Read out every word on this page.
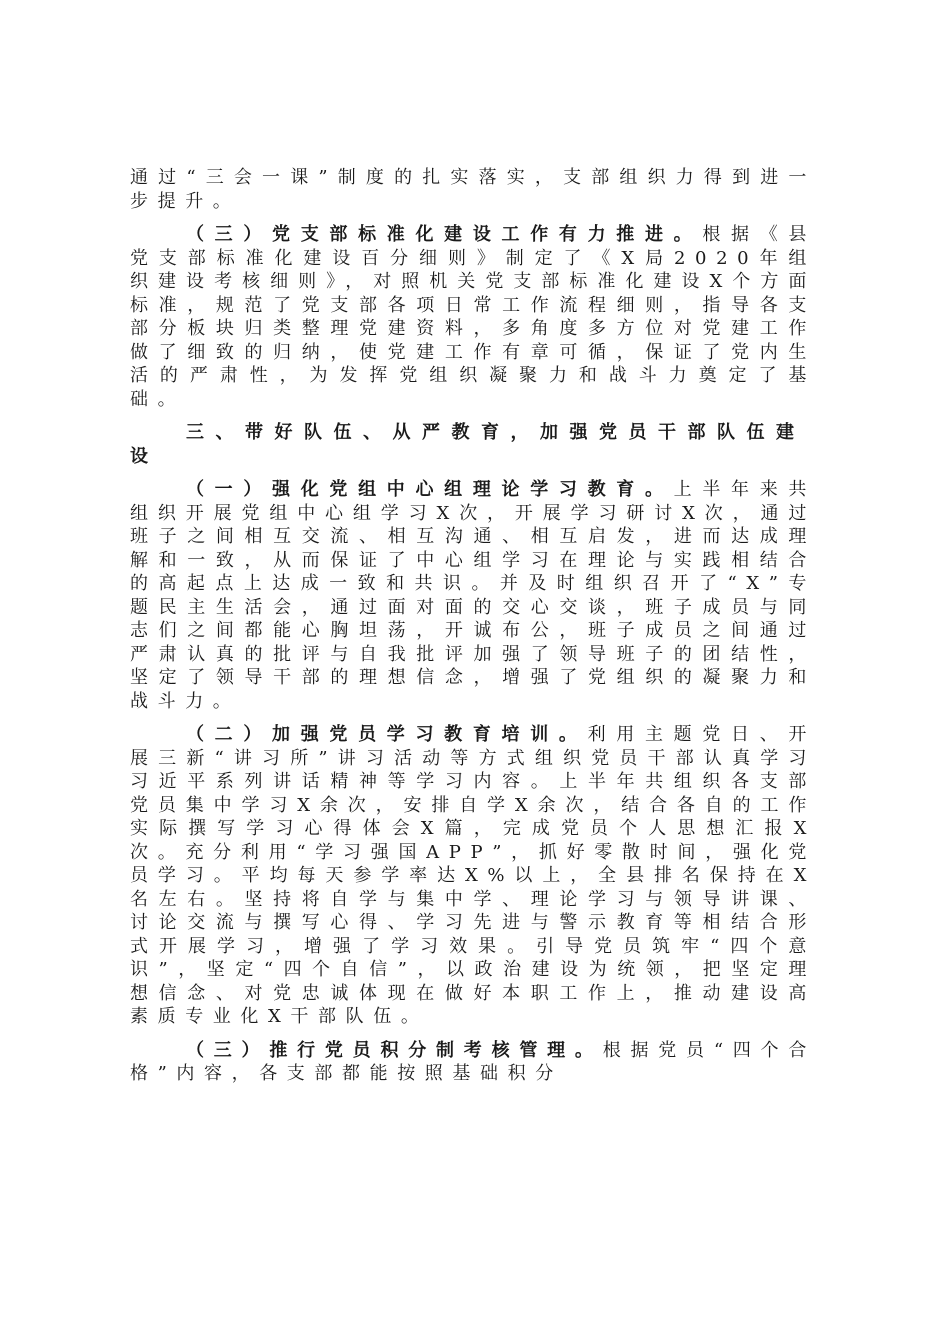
通过“三会一课”制度的扎实落实，支部组织力得到进一步提升。

（三）党支部标准化建设工作有力推进。根据《县党支部标准化建设百分细则》制定了《X局2020年组织建设考核细则》，对照机关党支部标准化建设X个方面标准，规范了党支部各项日常工作流程细则，指导各支部分板块归类整理党建资料，多角度多方位对党建工作做了细致的归纳，使党建工作有章可循，保证了党内生活的严肃性，为发挥党组织凝聚力和战斗力奠定了基础。

三、带好队伍、从严教育，加强党员干部队伍建设

（一）强化党组中心组理论学习教育。上半年来共组织开展党组中心组学习X次，开展学习研讨X次，通过班子之间相互交流、相互沟通、相互启发，进而达成理解和一致，从而保证了中心组学习在理论与实践相结合的高起点上达成一致和共识。并及时组织召开了“X”专题民主生活会，通过面对面的交心交谈，班子成员与同志们之间都能心胸坦荡，开诚布公，班子成员之间通过严肃认真的批评与自我批评加强了领导班子的团结性，坚定了领导干部的理想信念，增强了党组织的凝聚力和战斗力。

（二）加强党员学习教育培训。利用主题党日、开展三新“讲习所”讲习活动等方式组织党员干部认真学习习近平系列讲话精神等学习内容。上半年共组织各支部党员集中学习X余次，安排自学X余次，结合各自的工作实际撰写学习心得体会X篇，完成党员个人思想汇报X次。充分利用“学习强国APP”，抓好零散时间，强化党员学习。平均每天参学率达X%以上，全县排名保持在X名左右。坚持将自学与集中学、理论学习与领导讲课、讨论交流与撰写心得、学习先进与警示教育等相结合形式开展学习，增强了学习效果。引导党员筑牢“四个意识”，坚定“四个自信”，以政治建设为统领，把坚定理想信念、对党忠诚体现在做好本职工作上，推动建设高素质专业化X干部队伍。

（三）推行党员积分制考核管理。根据党员“四个合格”内容，各支部都能按照基础积分
